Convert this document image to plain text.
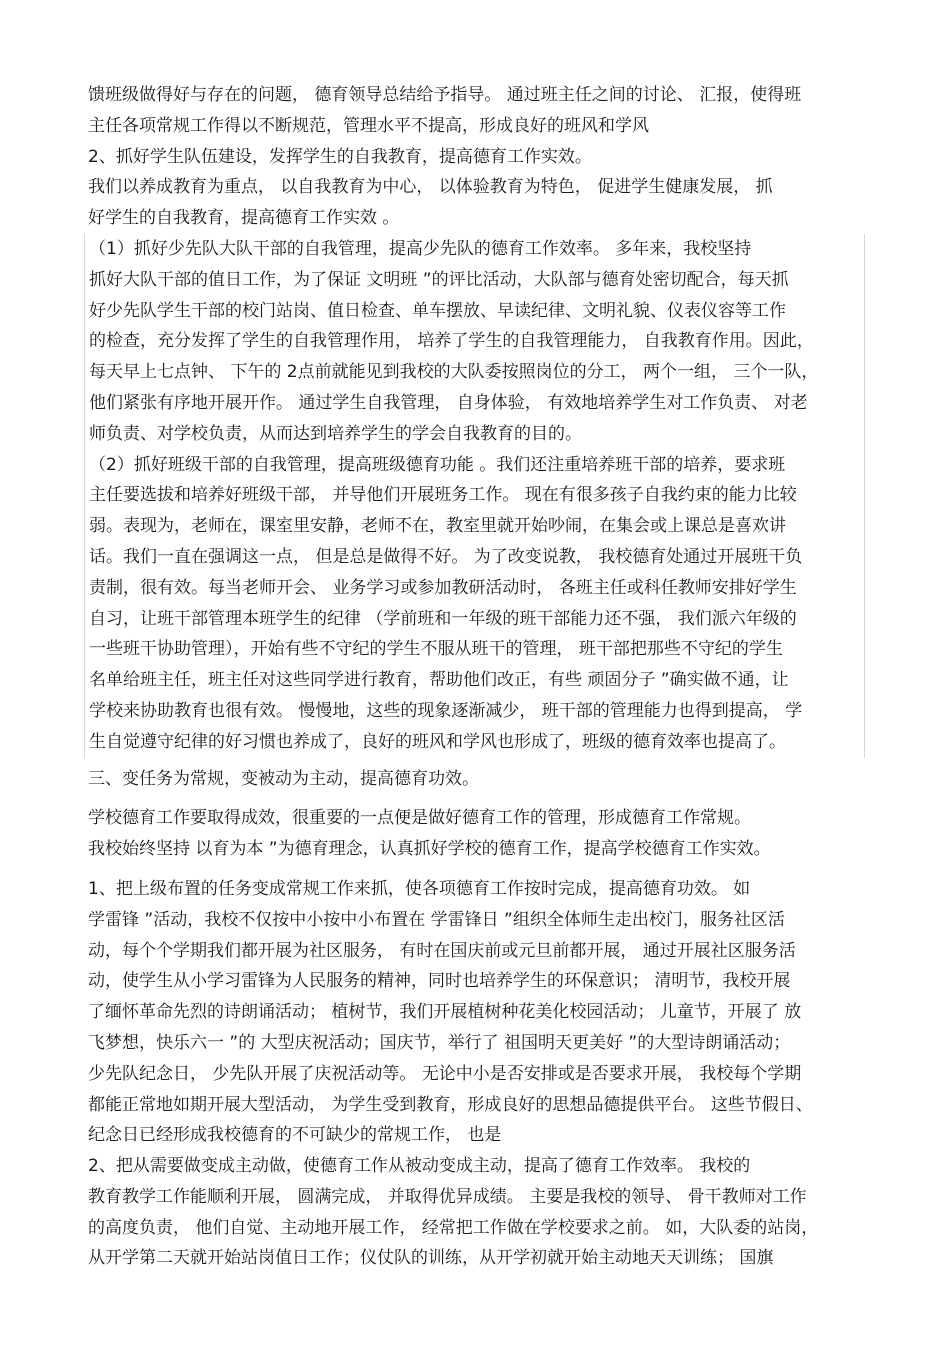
馈班级做得好与存在的问题， 德育领导总结给予指导。 通过班主任之间的讨论、 汇报，使得班
主任各项常规工作得以不断规范，管理水平不提高，形成良好的班风和学风
2、抓好学生队伍建设，发挥学生的自我教育，提高德育工作实效。
我们以养成教育为重点， 以自我教育为中心， 以体验教育为特色， 促进学生健康发展， 抓
好学生的自我教育，提高德育工作实效 。
（1）抓好少先队大队干部的自我管理，提高少先队的德育工作效率。 多年来，我校坚持
抓好大队干部的值日工作，为了保证 文明班 ”的评比活动，大队部与德育处密切配合，每天抓
好少先队学生干部的校门站岗、值日检查、单车摆放、早读纪律、文明礼貌、仪表仪容等工作
的检查，充分发挥了学生的自我管理作用， 培养了学生的自我管理能力， 自我教育作用。因此，
每天早上七点钟、 下午的 2点前就能见到我校的大队委按照岗位的分工， 两个一组， 三个一队，
他们紧张有序地开展开作。 通过学生自我管理， 自身体验， 有效地培养学生对工作负责、 对老
师负责、对学校负责，从而达到培养学生的学会自我教育的目的。
（2）抓好班级干部的自我管理，提高班级德育功能 。我们还注重培养班干部的培养，要求班
主任要选拔和培养好班级干部， 并导他们开展班务工作。 现在有很多孩子自我约束的能力比较
弱。表现为，老师在，课室里安静，老师不在，教室里就开始吵闹，在集会或上课总是喜欢讲
话。我们一直在强调这一点， 但是总是做得不好。 为了改变说教， 我校德育处通过开展班干负
责制，很有效。每当老师开会、 业务学习或参加教研活动时， 各班主任或科任教师安排好学生
自习，让班干部管理本班学生的纪律 （学前班和一年级的班干部能力还不强， 我们派六年级的
一些班干协助管理），开始有些不守纪的学生不服从班干的管理， 班干部把那些不守纪的学生
名单给班主任，班主任对这些同学进行教育，帮助他们改正，有些 顽固分子 ”确实做不通，让
学校来协助教育也很有效。 慢慢地，这些的现象逐渐减少， 班干部的管理能力也得到提高， 学
生自觉遵守纪律的好习惯也养成了，良好的班风和学风也形成了，班级的德育效率也提高了。
三、变任务为常规，变被动为主动，提高德育功效。
学校德育工作要取得成效，很重要的一点便是做好德育工作的管理，形成德育工作常规。
我校始终坚持 以育为本 ”为德育理念，认真抓好学校的德育工作，提高学校德育工作实效。
1、把上级布置的任务变成常规工作来抓，使各项德育工作按时完成，提高德育功效。 如
学雷锋 ”活动，我校不仅按中小按中小布置在 学雷锋日 ”组织全体师生走出校门，服务社区活
动，每个个学期我们都开展为社区服务， 有时在国庆前或元旦前都开展， 通过开展社区服务活
动，使学生从小学习雷锋为人民服务的精神，同时也培养学生的环保意识； 清明节，我校开展
了缅怀革命先烈的诗朗诵活动； 植树节，我们开展植树种花美化校园活动； 儿童节，开展了 放
飞梦想，快乐六一 ”的 大型庆祝活动；国庆节，举行了 祖国明天更美好 ”的大型诗朗诵活动；
少先队纪念日， 少先队开展了庆祝活动等。 无论中小是否安排或是否要求开展， 我校每个学期
都能正常地如期开展大型活动， 为学生受到教育，形成良好的思想品德提供平台。 这些节假日、
纪念日已经形成我校德育的不可缺少的常规工作， 也是
2、把从需要做变成主动做，使德育工作从被动变成主动，提高了德育工作效率。 我校的
教育教学工作能顺利开展， 圆满完成， 并取得优异成绩。 主要是我校的领导、 骨干教师对工作
的高度负责， 他们自觉、主动地开展工作， 经常把工作做在学校要求之前。 如，大队委的站岗，
从开学第二天就开始站岗值日工作；仪仗队的训练，从开学初就开始主动地天天训练； 国旗
